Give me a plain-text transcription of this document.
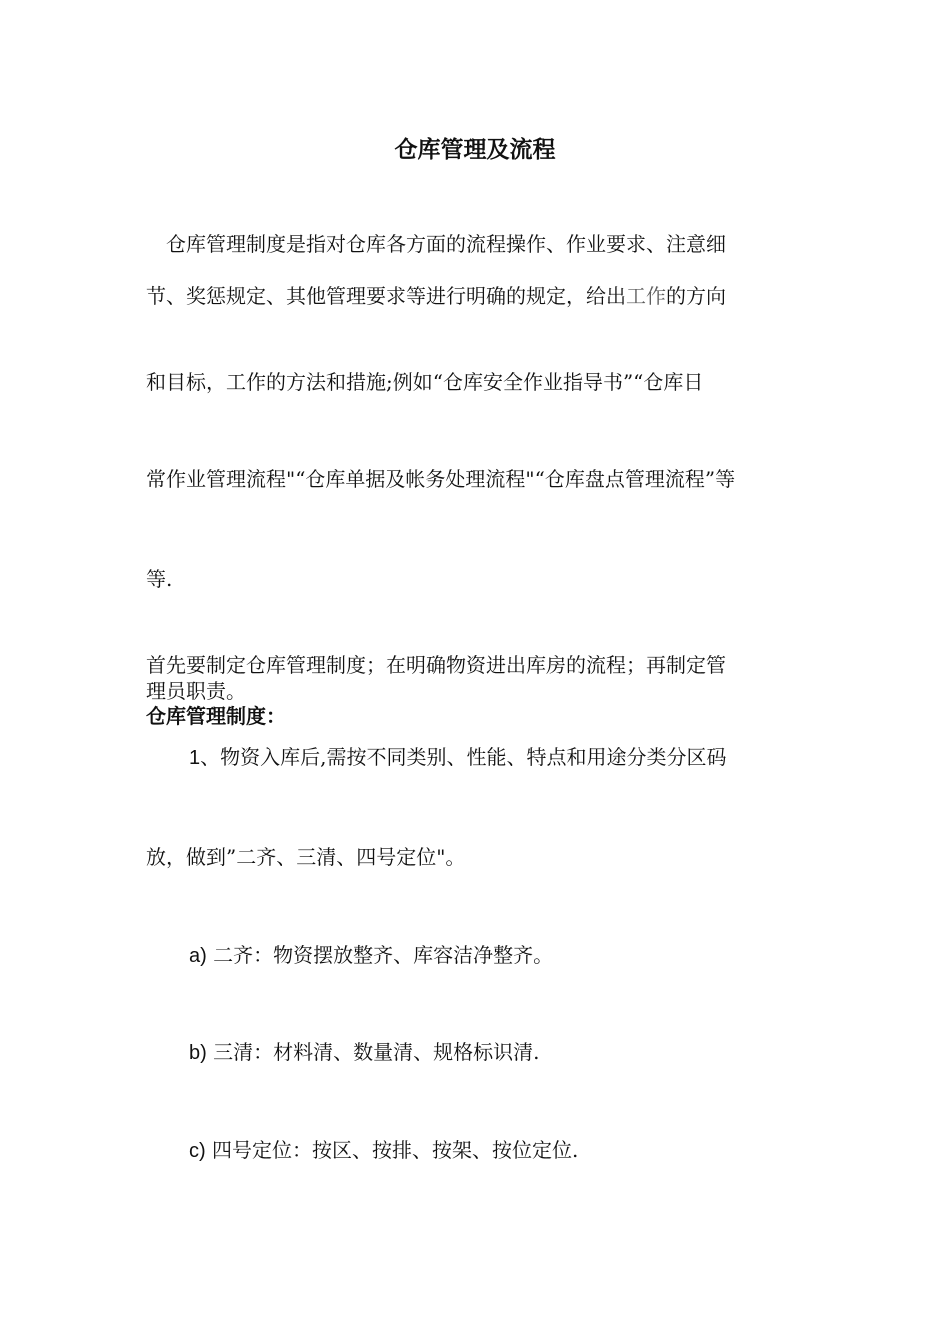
仓库管理及流程
仓库管理制度是指对仓库各方面的流程操作、作业要求、注意细
节、奖惩规定、其他管理要求等进行明确的规定，给出工作的方向
和目标，工作的方法和措施;例如“仓库安全作业指导书”“仓库日
常作业管理流程"“仓库单据及帐务处理流程"“仓库盘点管理流程”等
等.
首先要制定仓库管理制度；在明确物资进出库房的流程；再制定管
理员职责。
仓库管理制度：
1、物资入库后,需按不同类别、性能、特点和用途分类分区码
放，做到”二齐、三清、四号定位"。
a) 二齐：物资摆放整齐、库容洁净整齐。
b) 三清：材料清、数量清、规格标识清.
c) 四号定位：按区、按排、按架、按位定位.
